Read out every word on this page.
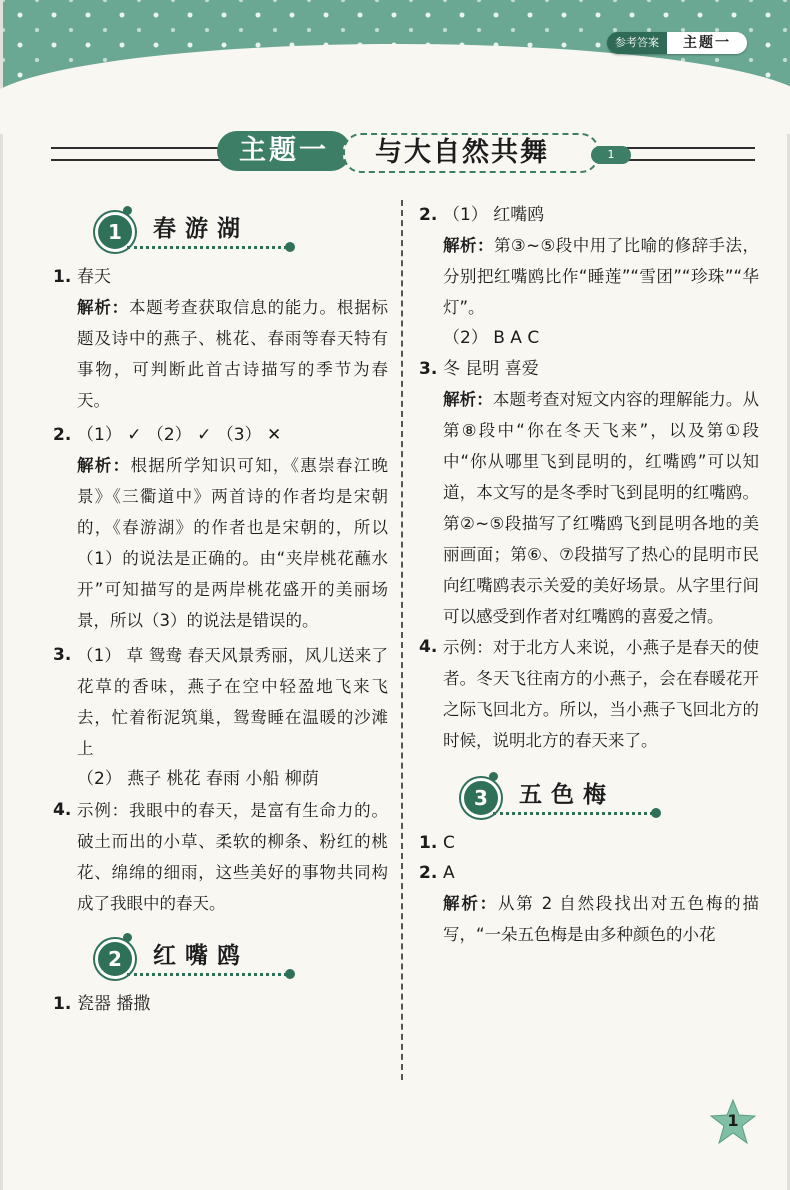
参考答案	主题一
主题一	与大自然共舞	1
1	春游湖
1. 春天

解析：本题考查获取信息的能力。根据标题及诗中的燕子、桃花、春雨等春天特有事物，可判断此首古诗描写的季节为春天。

2. （1） ✓ （2） ✓ （3） ✕

解析：根据所学知识可知，《惠崇春江晚景》《三衢道中》两首诗的作者均是宋朝的，《春游湖》的作者也是宋朝的，所以（1）的说法是正确的。由“夹岸桃花蘸水开”可知描写的是两岸桃花盛开的美丽场景，所以（3）的说法是错误的。

3. （1） 草 鸳鸯 春天风景秀丽，风儿送来了花草的香味，燕子在空中轻盈地飞来飞去，忙着衔泥筑巢，鸳鸯睡在温暖的沙滩上
（2） 燕子 桃花 春雨 小船 柳荫
4. 示例：我眼中的春天，是富有生命力的。破土而出的小草、柔软的柳条、粉红的桃花、绵绵的细雨，这些美好的事物共同构成了我眼中的春天。
2	红嘴鸥
1. 瓷器 播撒
2. （1） 红嘴鸥

解析：第③~⑤段中用了比喻的修辞手法，分别把红嘴鸥比作“睡莲”“雪团”“珍珠”“华灯”。

（2） B A C
3. 冬 昆明 喜爱

解析：本题考查对短文内容的理解能力。从第⑧段中“你在冬天飞来”，以及第①段中“你从哪里飞到昆明的，红嘴鸥”可以知道，本文写的是冬季时飞到昆明的红嘴鸥。第②~⑤段描写了红嘴鸥飞到昆明各地的美丽画面；第⑥、⑦段描写了热心的昆明市民向红嘴鸥表示关爱的美好场景。从字里行间可以感受到作者对红嘴鸥的喜爱之情。

4. 示例：对于北方人来说，小燕子是春天的使者。冬天飞往南方的小燕子，会在春暖花开之际飞回北方。所以，当小燕子飞回北方的时候，说明北方的春天来了。
3	五色梅
1. C
2. A

解析：从第 2 自然段找出对五色梅的描写，“一朵五色梅是由多种颜色的小花

1
